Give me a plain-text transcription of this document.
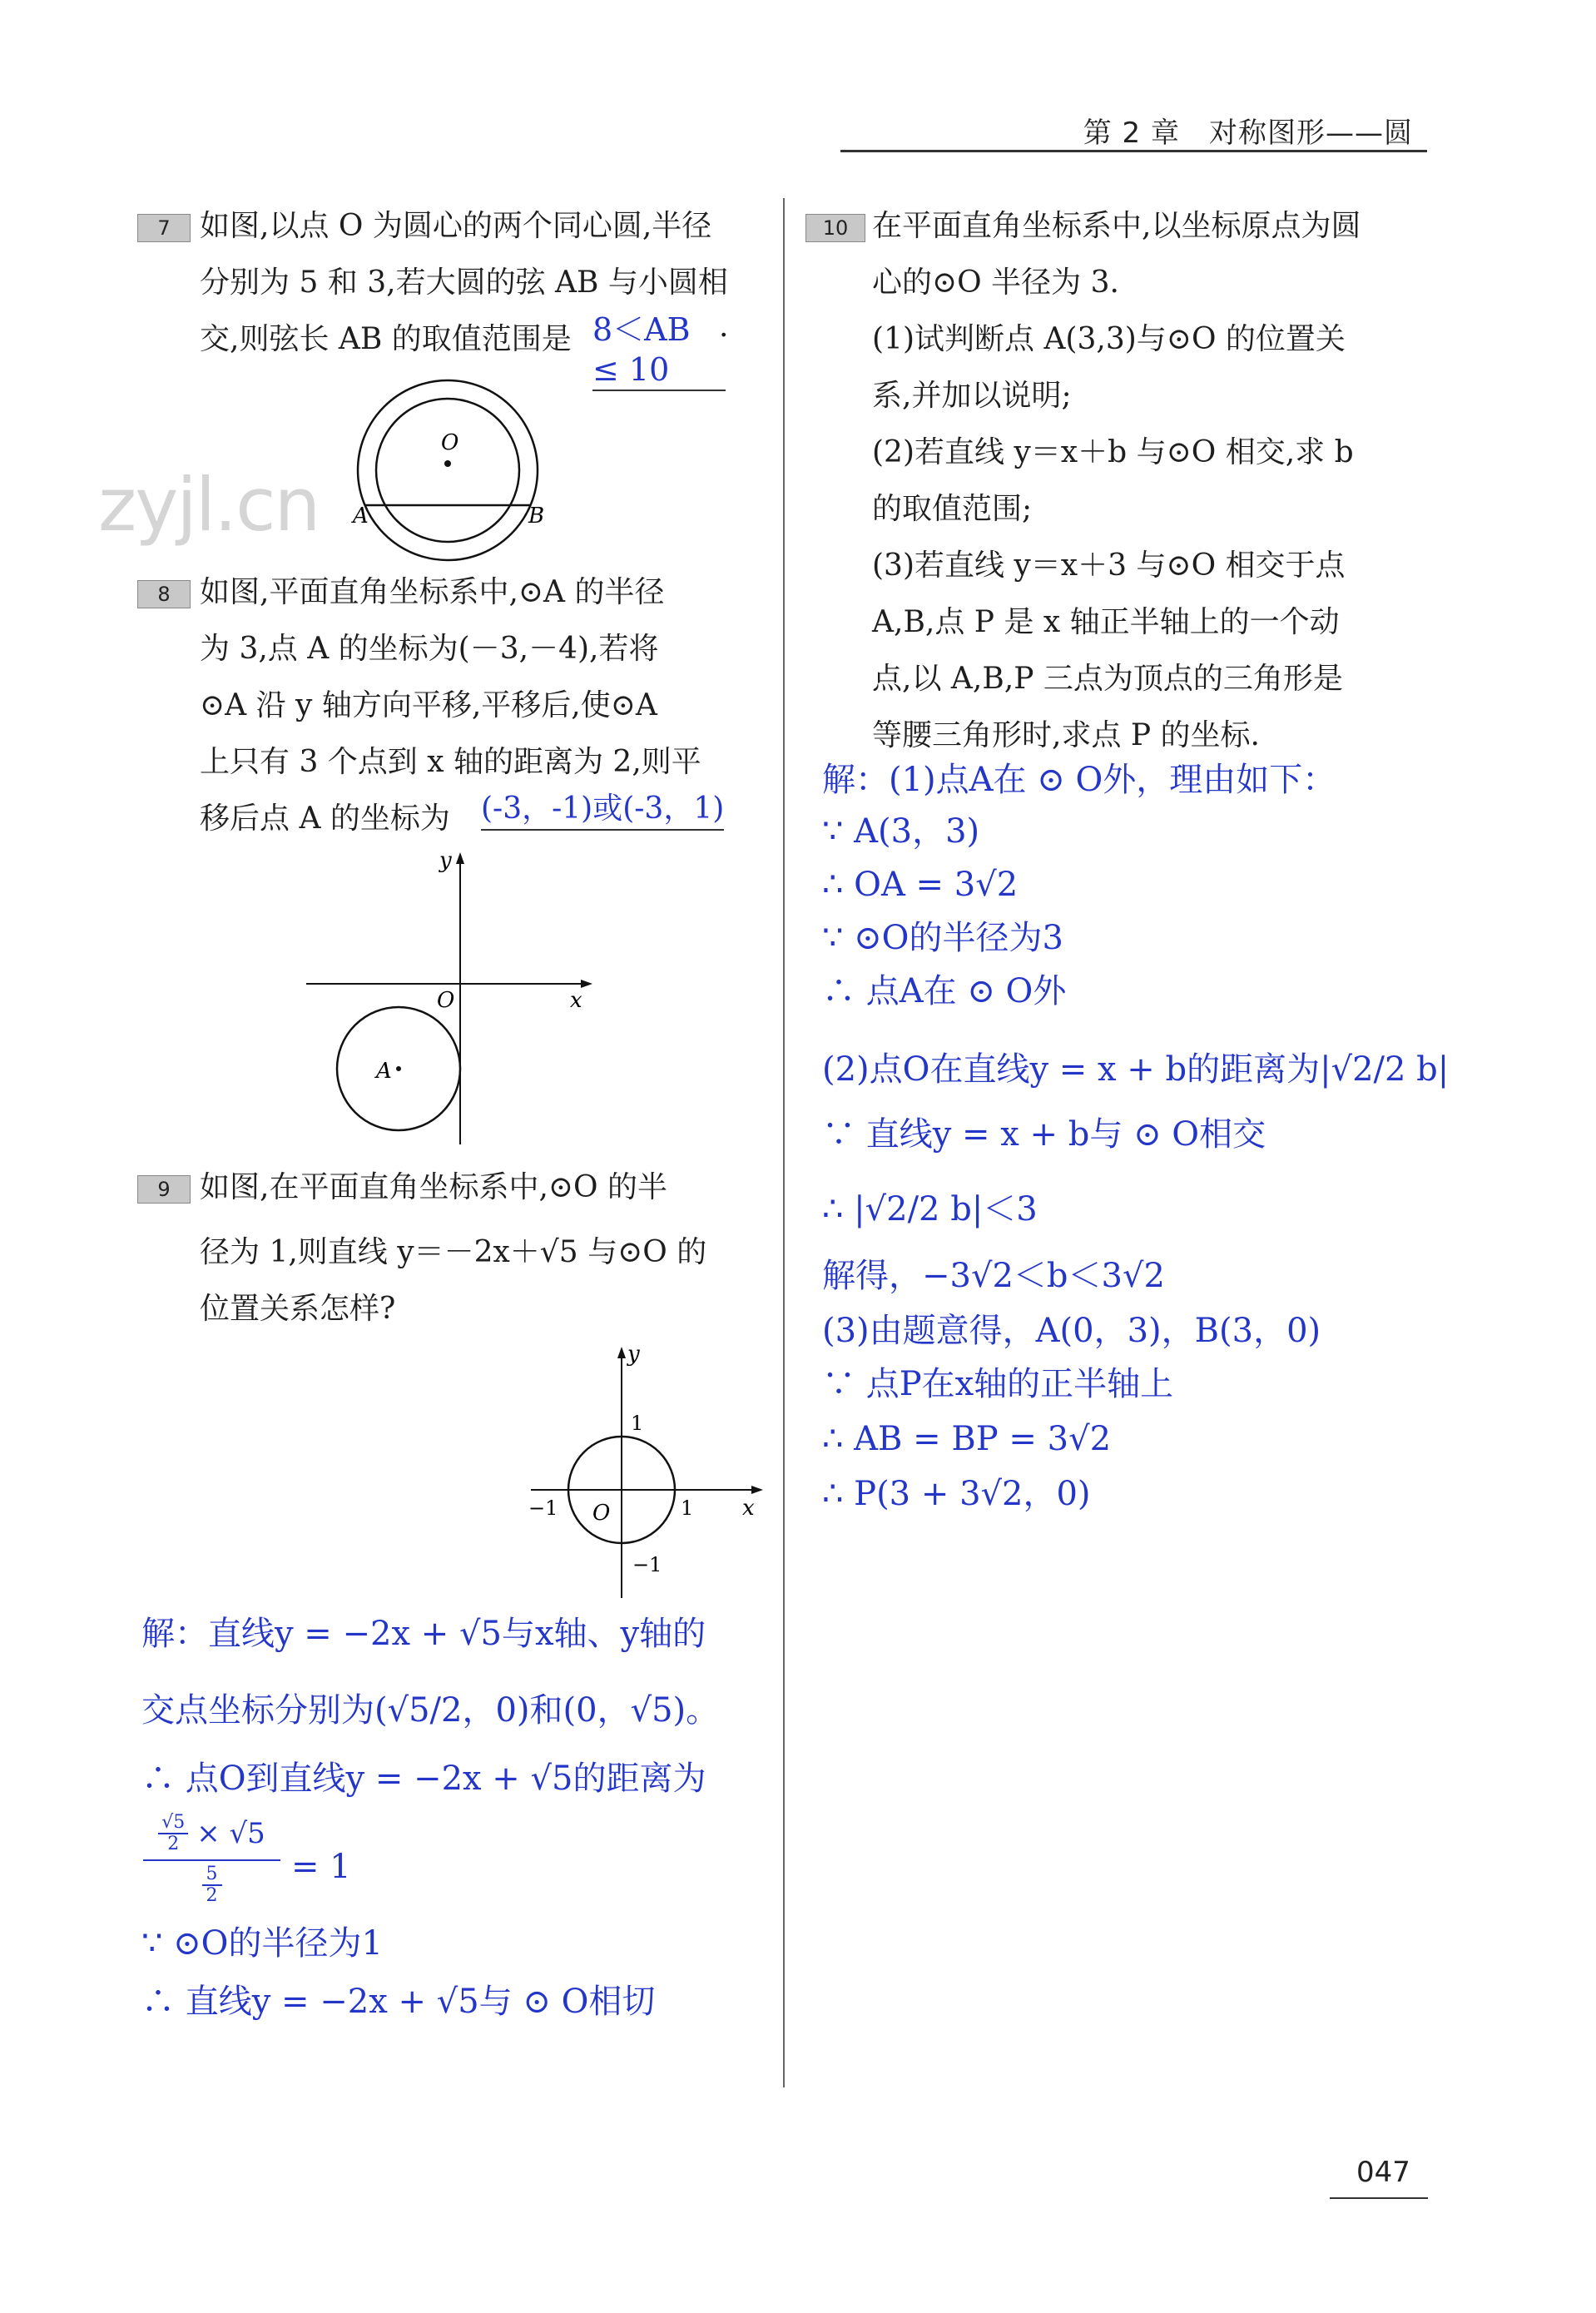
第 2 章　对称图形——圆
zyjl.cn
7 如图,以点 O 为圆心的两个同心圆,半径
分别为 5 和 3,若大圆的弦 AB 与小圆相
交,则弦长 AB 的取值范围是 8＜AB ≤ 10
.
O
A	B
8 如图,平面直角坐标系中,⊙A 的半径
为 3,点 A 的坐标为(－3,－4),若将
⊙A 沿 y 轴方向平移,平移后,使⊙A
上只有 3 个点到 x 轴的距离为 2,则平
移后点 A 的坐标为 (-3，-1)或(-3，1)
y
x
O
A
9 如图,在平面直角坐标系中,⊙O 的半
径为 1,则直线 y＝－2x＋√5 与⊙O 的
位置关系怎样?
y
x
O
1
−1
−1	1
解：直线y = −2x + √5与x轴、y轴的
交点坐标分别为(√5/2，0)和(0，√5)。
∴ 点O到直线y = −2x + √5的距离为
$\frac{√5}{2} \times √5$
5
2
= 1
∵ ⊙O的半径为1
∴ 直线y = −2x + √5与 ⊙ O相切
10 在平面直角坐标系中,以坐标原点为圆
心的⊙O 半径为 3.
(1)试判断点 A(3,3)与⊙O 的位置关
系,并加以说明;
(2)若直线 y＝x＋b 与⊙O 相交,求 b
的取值范围;
(3)若直线 y＝x＋3 与⊙O 相交于点
A,B,点 P 是 x 轴正半轴上的一个动
点,以 A,B,P 三点为顶点的三角形是
等腰三角形时,求点 P 的坐标.
解：(1)点A在 ⊙ O外，理由如下：
∵ A(3，3)
∴ OA = 3√2
∵ ⊙O的半径为3
∴ 点A在 ⊙ O外
(2)点O在直线y = x + b的距离为|√2/2 b|
∵ 直线y = x + b与 ⊙ O相交
∴ |√2/2 b|＜3
解得，−3√2＜b＜3√2
(3)由题意得，A(0，3)，B(3，0)
∵ 点P在x轴的正半轴上
∴ AB = BP = 3√2
∴ P(3 + 3√2，0)
047
